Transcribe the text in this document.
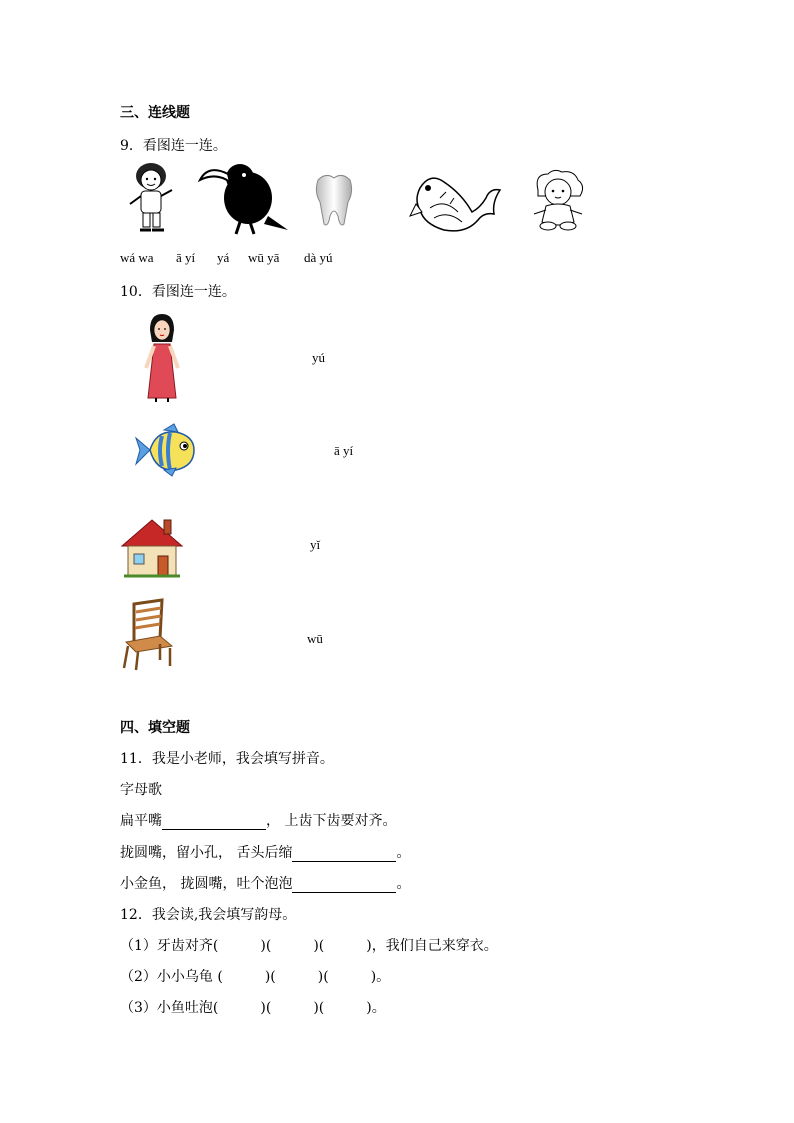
三、连线题
9．看图连一连。
wá wa ā yí yá wū yā dà yú
10．看图连一连。
yú
ā yí
yǐ
wū
四、填空题
11．我是小老师，我会填写拼音。
字母歌
扁平嘴	， 上齿下齿要对齐。
拢圆嘴，留小孔， 舌头后缩	。
小金鱼， 拢圆嘴，吐个泡泡	。
12．我会读,我会填写韵母。
（1）牙齿对齐(	)(	)(	)，我们自己来穿衣。
（2）小小乌龟 (	)(	)(	)。
（3）小鱼吐泡(	)(	)(	)。
